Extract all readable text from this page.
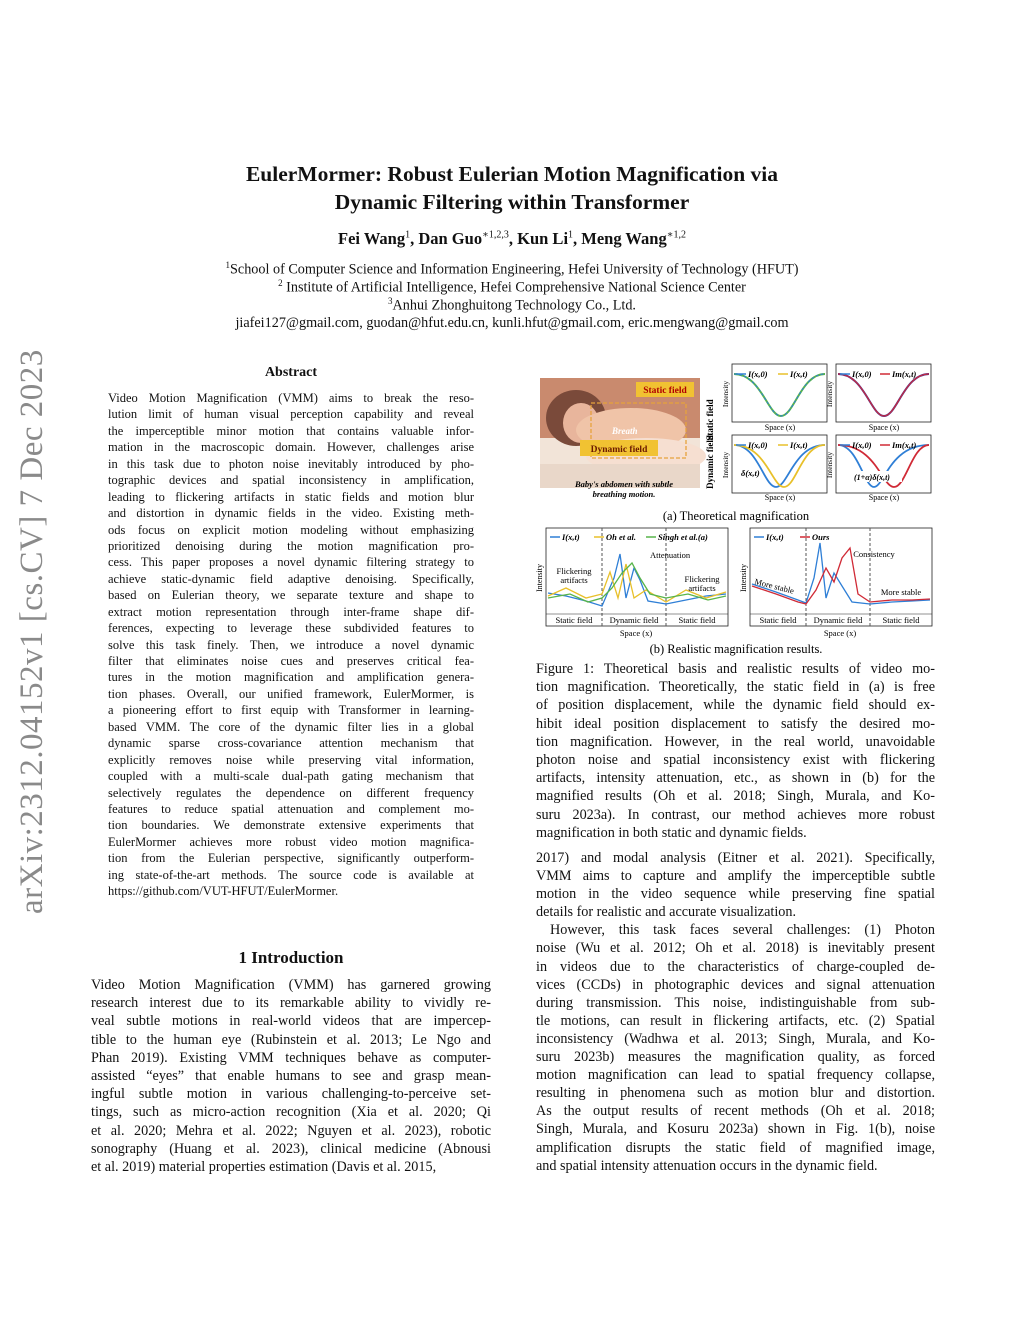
arXiv:2312.04152v1 [cs.CV] 7 Dec 2023
EulerMormer: Robust Eulerian Motion Magnification via
Dynamic Filtering within Transformer
Fei Wang$^1$, Dan Guo$^{∗1,2,3}$, Kun Li$^1$, Meng Wang$^{∗1,2}$
$^1$School of Computer Science and Information Engineering, Hefei University of Technology (HFUT)
$^2$ Institute of Artificial Intelligence, Hefei Comprehensive National Science Center
$^3$Anhui Zhonghuitong Technology Co., Ltd.
jiafei127@gmail.com, guodan@hfut.edu.cn, kunli.hfut@gmail.com, eric.mengwang@gmail.com
Abstract
Video Motion Magnification (VMM) aims to break the reso-
lution limit of human visual perception capability and reveal
the imperceptible minor motion that contains valuable infor-
mation in the macroscopic domain. However, challenges arise
in this task due to photon noise inevitably introduced by pho-
tographic devices and spatial inconsistency in amplification,
leading to flickering artifacts in static fields and motion blur
and distortion in dynamic fields in the video. Existing meth-
ods focus on explicit motion modeling without emphasizing
prioritized denoising during the motion magnification pro-
cess. This paper proposes a novel dynamic filtering strategy to
achieve static-dynamic field adaptive denoising. Specifically,
based on Eulerian theory, we separate texture and shape to
extract motion representation through inter-frame shape dif-
ferences, expecting to leverage these subdivided features to
solve this task finely. Then, we introduce a novel dynamic
filter that eliminates noise cues and preserves critical fea-
tures in the motion magnification and amplification genera-
tion phases. Overall, our unified framework, EulerMormer, is
a pioneering effort to first equip with Transformer in learning-
based VMM. The core of the dynamic filter lies in a global
dynamic sparse cross-covariance attention mechanism that
explicitly removes noise while preserving vital information,
coupled with a multi-scale dual-path gating mechanism that
selectively regulates the dependence on different frequency
features to reduce spatial attenuation and complement mo-
tion boundaries. We demonstrate extensive experiments that
EulerMormer achieves more robust video motion magnifica-
tion from the Eulerian perspective, significantly outperform-
ing state-of-the-art methods. The source code is available at
https://github.com/VUT-HFUT/EulerMormer.
1 Introduction
Video Motion Magnification (VMM) has garnered growing
research interest due to its remarkable ability to vividly re-
veal subtle motions in real-world videos that are impercep-
tible to the human eye (Rubinstein et al. 2013; Le Ngo and
Phan 2019). Existing VMM techniques behave as computer-
assisted “eyes” that enable humans to see and grasp mean-
ingful subtle motion in various challenging-to-perceive set-
tings, such as micro-action recognition (Xia et al. 2020; Qi
et al. 2020; Mehra et al. 2022; Nguyen et al. 2023), robotic
sonography (Huang et al. 2023), clinical medicine (Abnousi
et al. 2019) material properties estimation (Davis et al. 2015,
Static field
Breath
Dynamic field
Baby's abdomen with subtle
breathing motion.
Static field
Dynamic field
I(x,0)	I(x,t)
Intensity
Space (x)
I(x,0) Im(x,t)
Intensity
Space (x)
I(x,0)	I(x,t)
δ(x,t)
Intensity
Space (x)
I(x,0) Im(x,t)
(1+α)δ(x,t)
Intensity
Space (x)
(a) Theoretical magnification
I(x,t)	Oh et al.	Singh et al.(a)
Attenuation
Flickering
artifacts	Flickering
artifacts
Intensity
Static field Dynamic field Static field
Space (x)
I(x,t)	Ours
Consistency
More stable	More stable
Intensity
Static field Dynamic field Static field
Space (x)
(b) Realistic magnification results.
Figure 1: Theoretical basis and realistic results of video mo-
tion magnification. Theoretically, the static field in (a) is free
of position displacement, while the dynamic field should ex-
hibit ideal position displacement to satisfy the desired mo-
tion magnification. However, in the real world, unavoidable
photon noise and spatial inconsistency exist with flickering
artifacts, intensity attenuation, etc., as shown in (b) for the
magnified results (Oh et al. 2018; Singh, Murala, and Ko-
suru 2023a). In contrast, our method achieves more robust
magnification in both static and dynamic fields.
2017) and modal analysis (Eitner et al. 2021). Specifically,
VMM aims to capture and amplify the imperceptible subtle
motion in the video sequence while preserving fine spatial
details for realistic and accurate visualization.
However, this task faces several challenges: (1) Photon
noise (Wu et al. 2012; Oh et al. 2018) is inevitably present
in videos due to the characteristics of charge-coupled de-
vices (CCDs) in photographic devices and signal attenuation
during transmission. This noise, indistinguishable from sub-
tle motions, can result in flickering artifacts, etc. (2) Spatial
inconsistency (Wadhwa et al. 2013; Singh, Murala, and Ko-
suru 2023b) measures the magnification quality, as forced
motion magnification can lead to spatial frequency collapse,
resulting in phenomena such as motion blur and distortion.
As the output results of recent methods (Oh et al. 2018;
Singh, Murala, and Kosuru 2023a) shown in Fig. 1(b), noise
amplification disrupts the static field of magnified image,
and spatial intensity attenuation occurs in the dynamic field.
